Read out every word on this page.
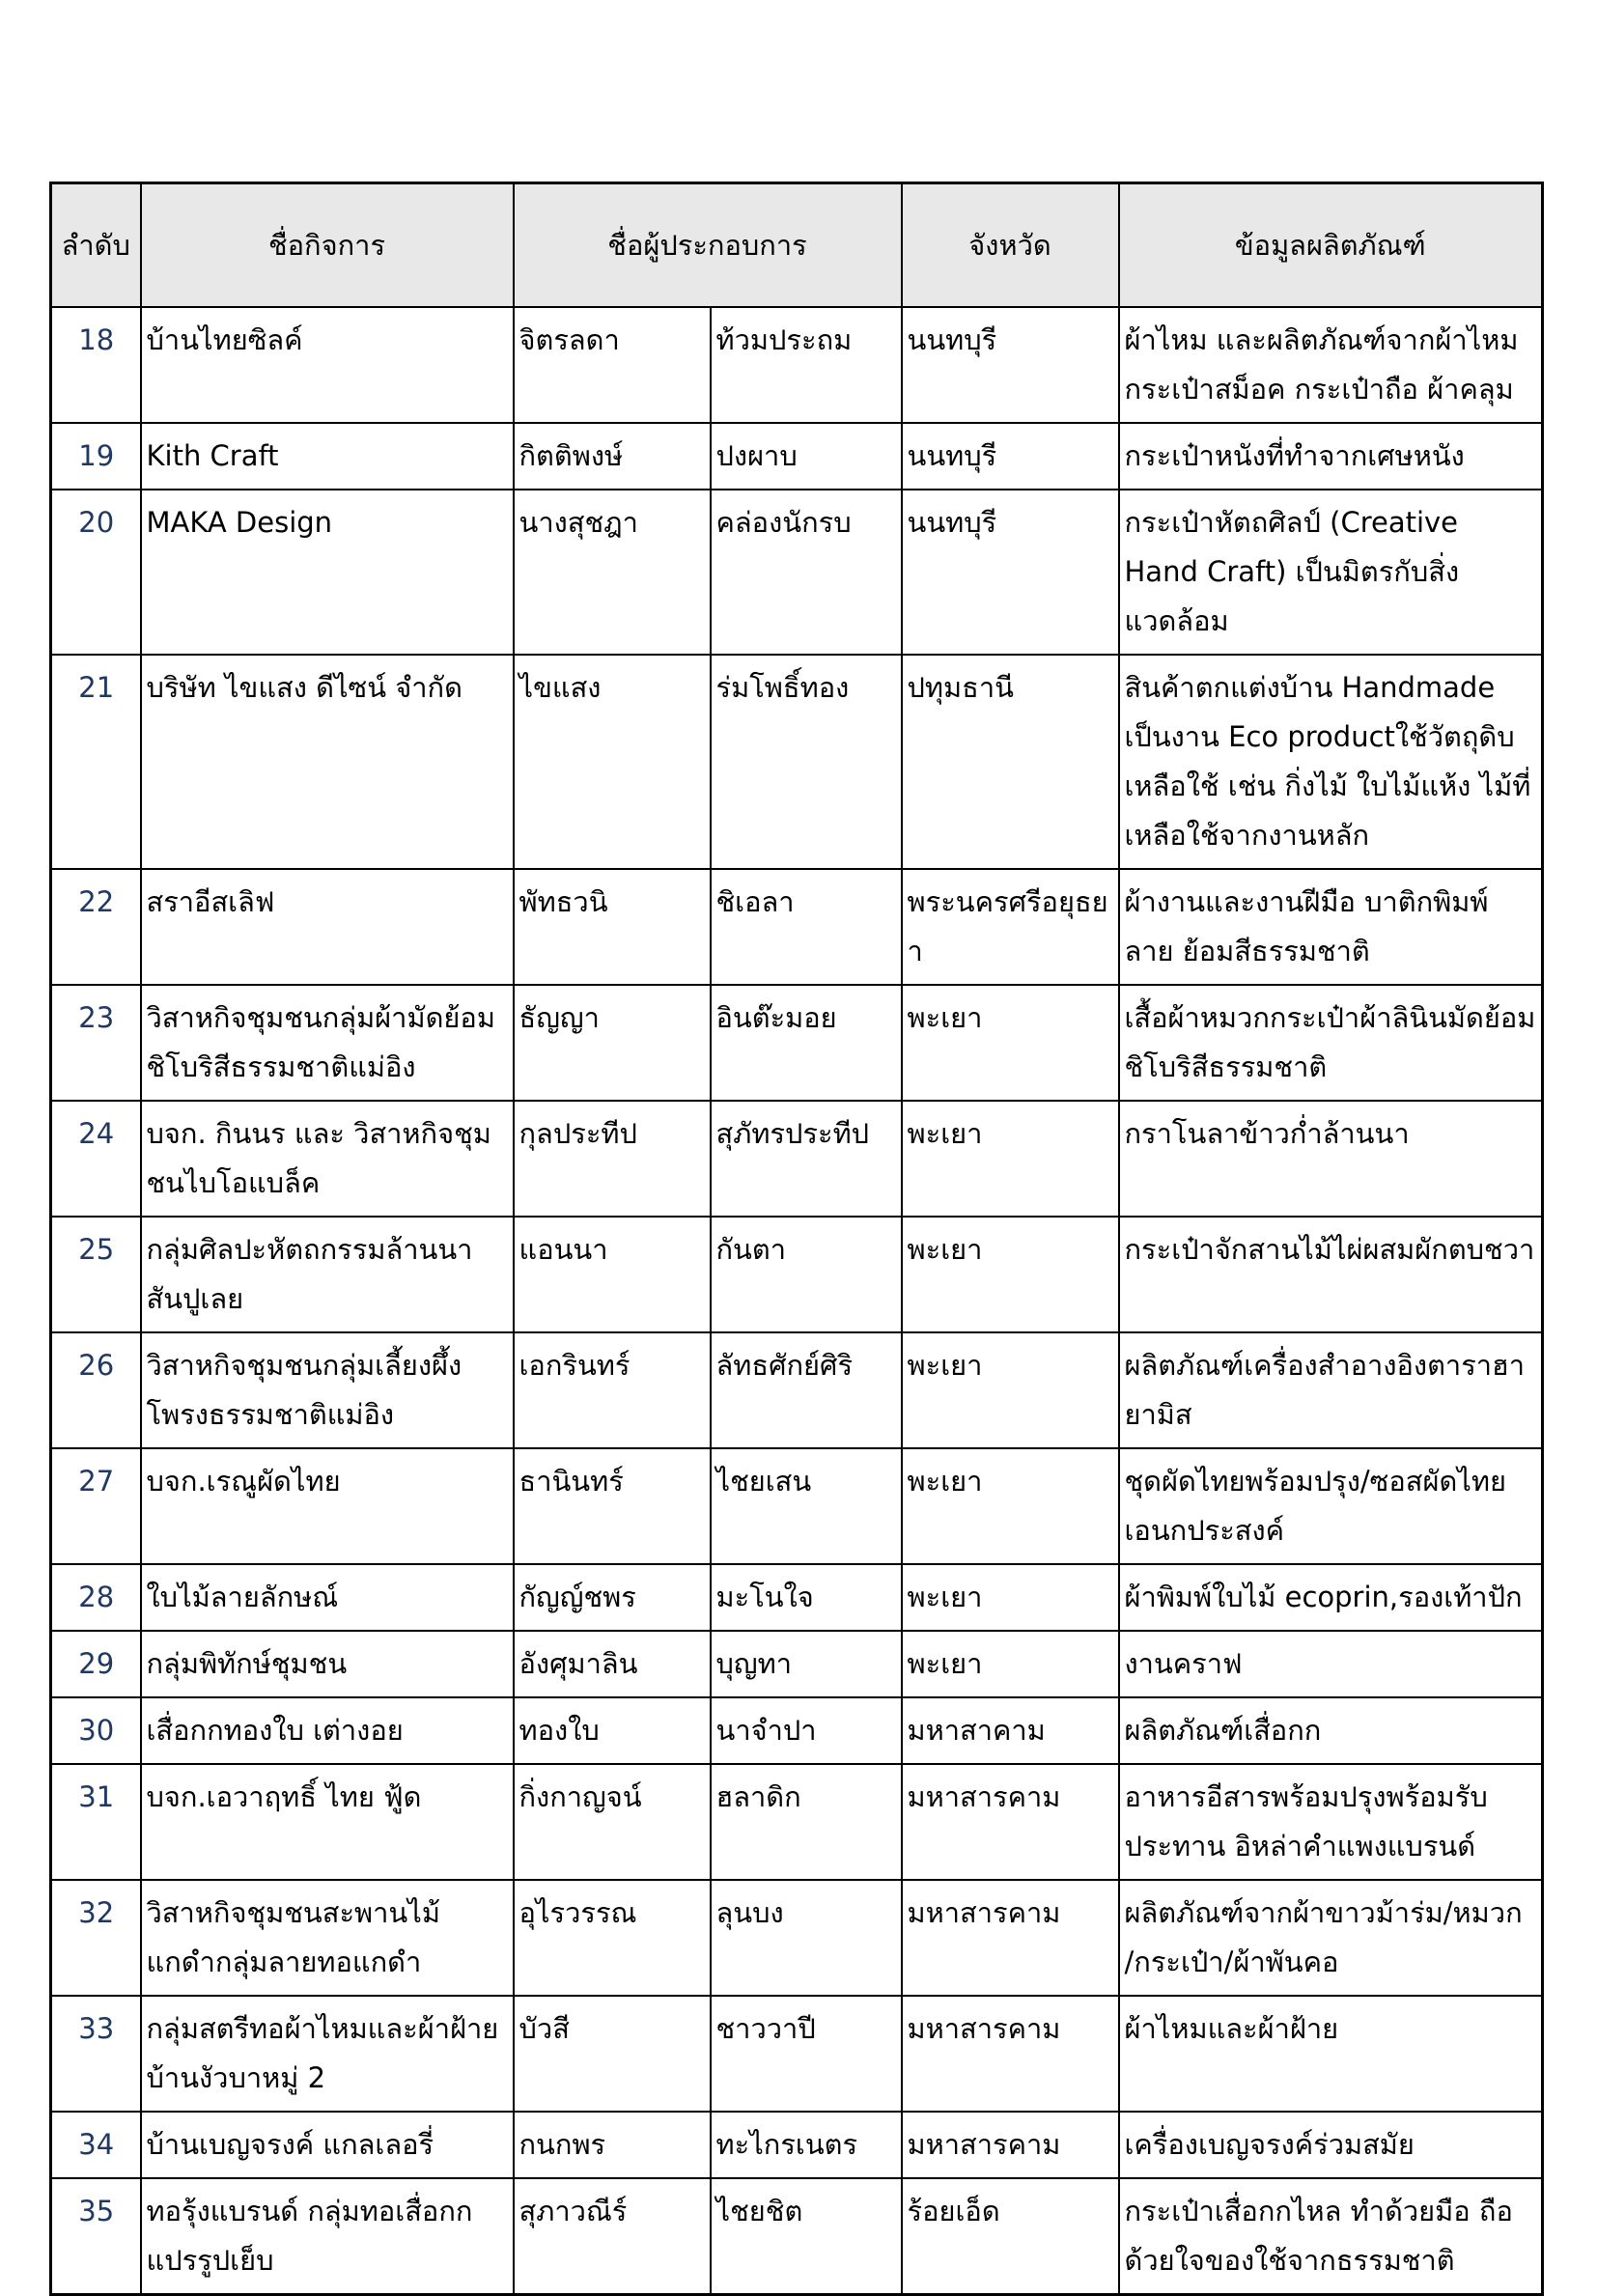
ลำดับ	ชื่อกิจการ	ชื่อผู้ประกอบการ		จังหวัด	ข้อมูลผลิตภัณฑ์
18	บ้านไทยซิลค์	จิตรลดา	ท้วมประถม	นนทบุรี	ผ้าไหม และผลิตภัณฑ์จากผ้าไหม กระเป๋าสม็อค กระเป๋าถือ ผ้าคลุม
19	Kith Craft	กิตติพงษ์	ปงผาบ	นนทบุรี	กระเป๋าหนังที่ทำจากเศษหนัง
20	MAKA Design	นางสุชฎา	คล่องนักรบ	นนทบุรี	กระเป๋าหัตถศิลป์ (Creative Hand Craft) เป็นมิตรกับสิ่งแวดล้อม
21	บริษัท ไขแสง ดีไซน์ จำกัด	ไขแสง	ร่มโพธิ์ทอง	ปทุมธานี	สินค้าตกแต่งบ้าน Handmade เป็นงาน Eco productใช้วัตถุดิบเหลือใช้ เช่น กิ่งไม้ ใบไม้แห้ง ไม้ที่เหลือใช้จากงานหลัก
22	สราอีสเลิฟ	พัทธวนิ	ชิเอลา	พระนครศรีอยุธยา	ผ้างานและงานฝีมือ บาติกพิมพ์ลาย ย้อมสีธรรมชาติ
23	วิสาหกิจชุมชนกลุ่มผ้ามัดย้อมชิโบริสีธรรมชาติแม่อิง	ธัญญา	อินต๊ะมอย	พะเยา	เสื้อผ้าหมวกกระเป๋าผ้าลินินมัดย้อมชิโบริสีธรรมชาติ
24	บจก. กินนร และ วิสาหกิจชุมชนไบโอแบล็ค	กุลประทีป	สุภัทรประทีป	พะเยา	กราโนลาข้าวก่ำล้านนา
25	กลุ่มศิลปะหัตถกรรมล้านนาสันปูเลย	แอนนา	กันตา	พะเยา	กระเป๋าจักสานไม้ไผ่ผสมผักตบชวา
26	วิสาหกิจชุมชนกลุ่มเลี้ยงผึ้งโพรงธรรมชาติแม่อิง	เอกรินทร์	ลัทธศักย์ศิริ	พะเยา	ผลิตภัณฑ์เครื่องสำอางอิงตาราฮายามิส
27	บจก.เรณูผัดไทย	ธานินทร์	ไชยเสน	พะเยา	ชุดผัดไทยพร้อมปรุง/ซอสผัดไทยเอนกประสงค์
28	ใบไม้ลายลักษณ์	กัญญ์ชพร	มะโนใจ	พะเยา	ผ้าพิมพ์ใบไม้ ecoprin,รองเท้าปัก
29	กลุ่มพิทักษ์ชุมชน	อังศุมาลิน	บุญทา	พะเยา	งานคราฟ
30	เสื่อกกทองใบ เต่างอย	ทองใบ	นาจำปา	มหาสาคาม	ผลิตภัณฑ์เสื่อกก
31	บจก.เอวาฤทธิ์ ไทย ฟู้ด	กิ่งกาญจน์	ฮลาดิก	มหาสารคาม	อาหารอีสารพร้อมปรุงพร้อมรับประทาน อิหล่าคำแพงแบรนด์
32	วิสาหกิจชุมชนสะพานไม้แกดำกลุ่มลายทอแกดำ	อุไรวรรณ	ลุนบง	มหาสารคาม	ผลิตภัณฑ์จากผ้าขาวม้าร่ม/หมวก /กระเป๋า/ผ้าพันคอ
33	กลุ่มสตรีทอผ้าไหมและผ้าฝ้ายบ้านงัวบาหมู่ 2	บัวสี	ชาววาปี	มหาสารคาม	ผ้าไหมและผ้าฝ้าย
34	บ้านเบญจรงค์ แกลเลอรี่	กนกพร	ทะไกรเนตร	มหาสารคาม	เครื่องเบญจรงค์ร่วมสมัย
35	ทอรุ้งแบรนด์ กลุ่มทอเสื่อกกแปรรูปเย็บ	สุภาวณีร์	ไชยชิต	ร้อยเอ็ด	กระเป๋าเสื่อกกไหล ทำด้วยมือ ถือด้วยใจของใช้จากธรรมชาติ
